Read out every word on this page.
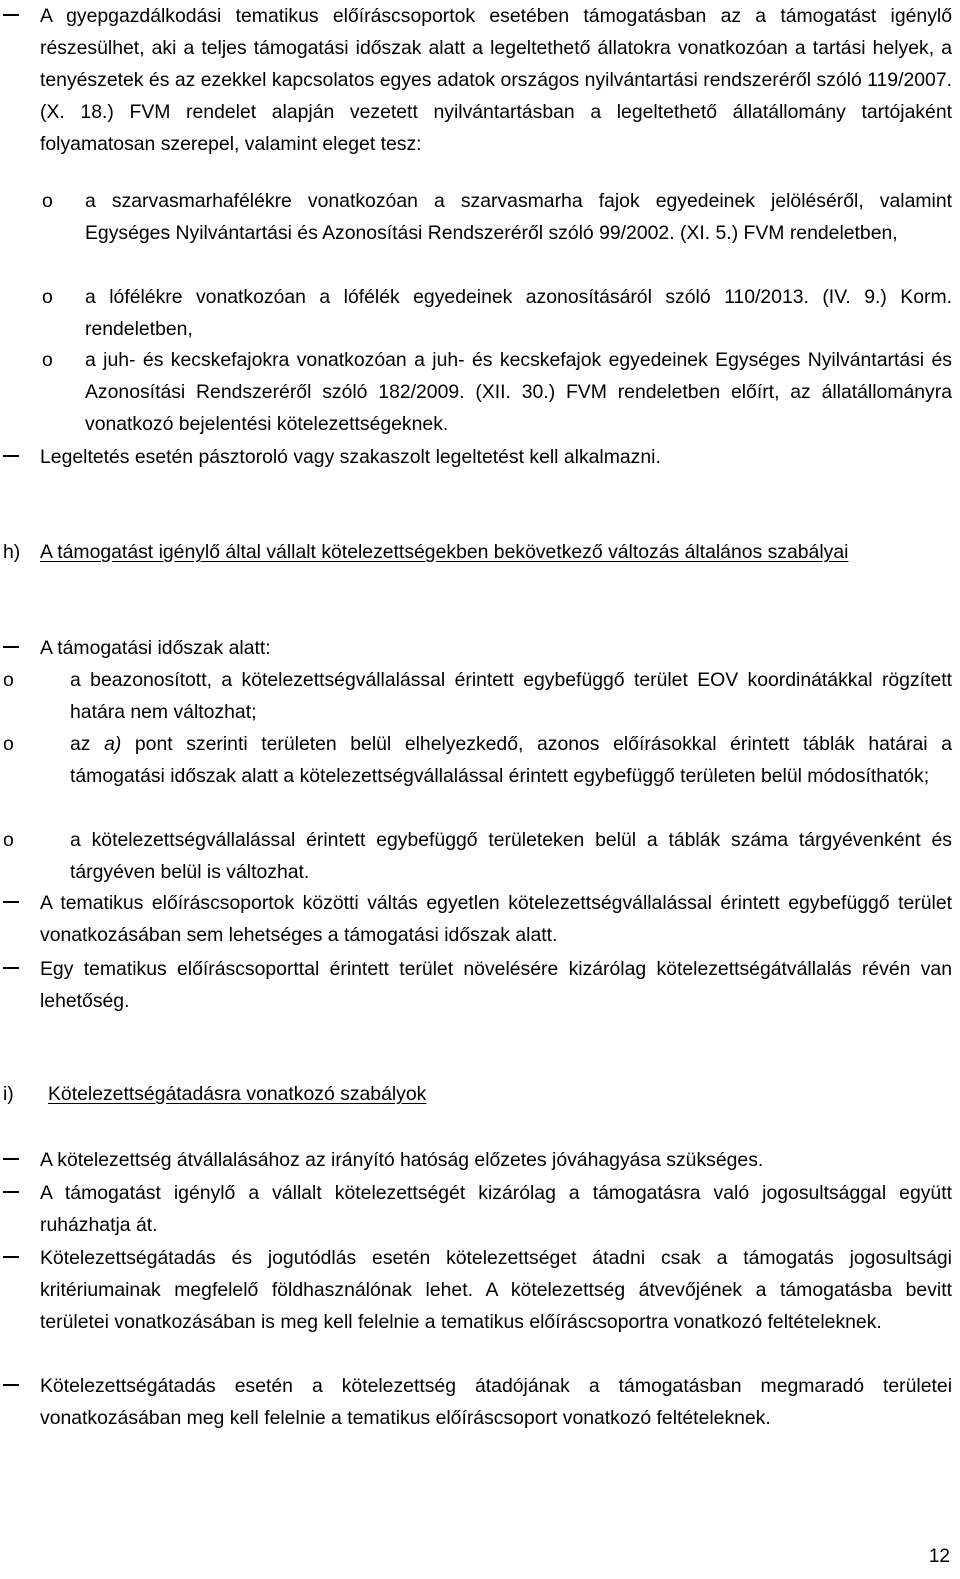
A gyepgazdálkodási tematikus előíráscsoportok esetében támogatásban az a támogatást igénylő részesülhet, aki a teljes támogatási időszak alatt a legeltethető állatokra vonatkozóan a tartási helyek, a tenyészetek és az ezekkel kapcsolatos egyes adatok országos nyilvántartási rendszeréről szóló 119/2007. (X. 18.) FVM rendelet alapján vezetett nyilvántartásban a legeltethető állatállomány tartójaként folyamatosan szerepel, valamint eleget tesz:

o a szarvasmarhafélékre vonatkozóan a szarvasmarha fajok egyedeinek jelöléséről, valamint Egységes Nyilvántartási és Azonosítási Rendszeréről szóló 99/2002. (XI. 5.) FVM rendeletben,

o a lófélékre vonatkozóan a lófélék egyedeinek azonosításáról szóló 110/2013. (IV. 9.) Korm. rendeletben,

o a juh- és kecskefajokra vonatkozóan a juh- és kecskefajok egyedeinek Egységes Nyilvántartási és Azonosítási Rendszeréről szóló 182/2009. (XII. 30.) FVM rendeletben előírt, az állatállományra vonatkozó bejelentési kötelezettségeknek.

Legeltetés esetén pásztoroló vagy szakaszolt legeltetést kell alkalmazni.

h) A támogatást igénylő által vállalt kötelezettségekben bekövetkező változás általános szabályai

A támogatási időszak alatt:

o	a beazonosított, a kötelezettségvállalással érintett egybefüggő terület EOV koordinátákkal rögzített határa nem változhat;

o	az a) pont szerinti területen belül elhelyezkedő, azonos előírásokkal érintett táblák határai a támogatási időszak alatt a kötelezettségvállalással érintett egybefüggő területen belül módosíthatók;

o	a kötelezettségvállalással érintett egybefüggő területeken belül a táblák száma tárgyévenként és tárgyéven belül is változhat.

A tematikus előíráscsoportok közötti váltás egyetlen kötelezettségvállalással érintett egybefüggő terület vonatkozásában sem lehetséges a támogatási időszak alatt.

Egy tematikus előíráscsoporttal érintett terület növelésére kizárólag kötelezettségátvállalás révén van lehetőség.

i) Kötelezettségátadásra vonatkozó szabályok

A kötelezettség átvállalásához az irányító hatóság előzetes jóváhagyása szükséges.

A támogatást igénylő a vállalt kötelezettségét kizárólag a támogatásra való jogosultsággal együtt ruházhatja át.

Kötelezettségátadás és jogutódlás esetén kötelezettséget átadni csak a támogatás jogosultsági kritériumainak megfelelő földhasználónak lehet. A kötelezettség átvevőjének a támogatásba bevitt területei vonatkozásában is meg kell felelnie a tematikus előíráscsoportra vonatkozó feltételeknek.

Kötelezettségátadás esetén a kötelezettség átadójának a támogatásban megmaradó területei vonatkozásában meg kell felelnie a tematikus előíráscsoport vonatkozó feltételeknek.

12
